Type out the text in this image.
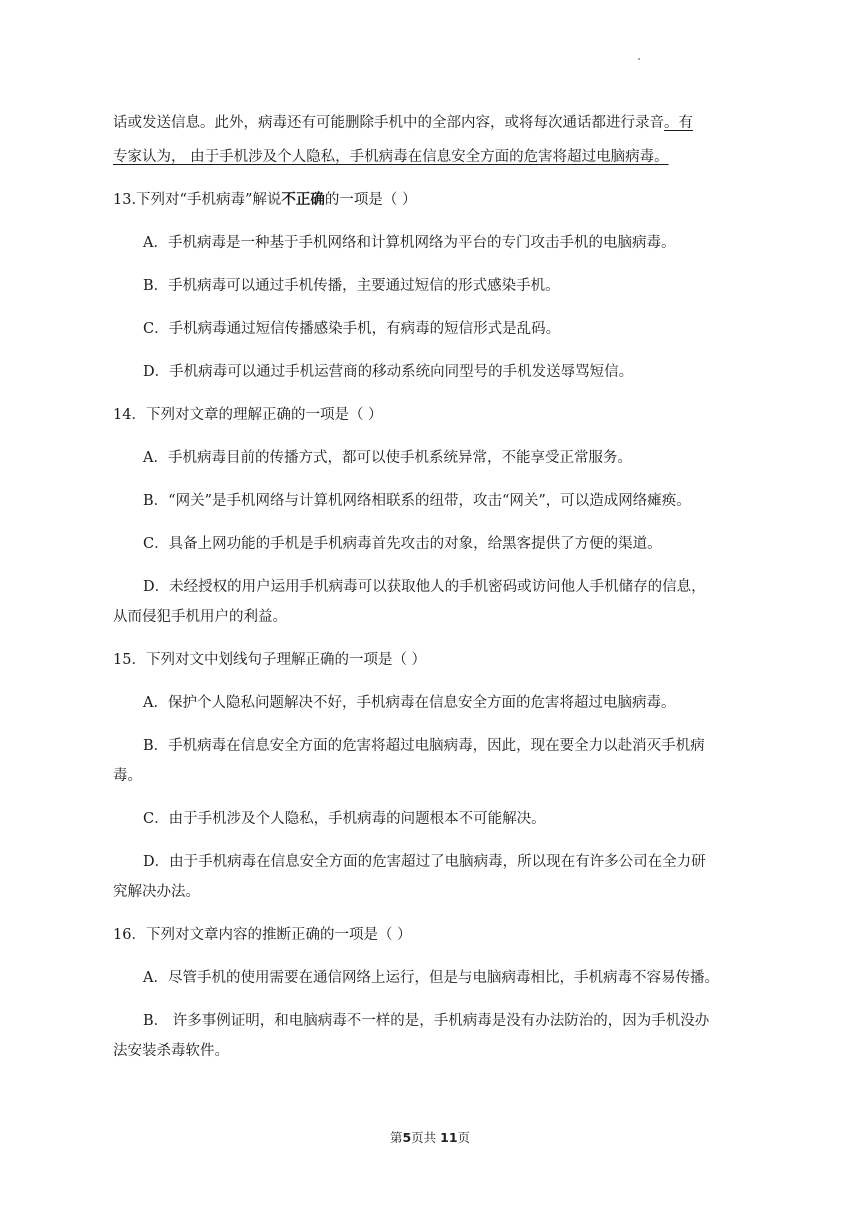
话或发送信息。此外，病毒还有可能删除手机中的全部内容，或将每次通话都进行录音。有

专家认为， 由于手机涉及个人隐私，手机病毒在信息安全方面的危害将超过电脑病毒。

13.下列对“手机病毒”解说不正确的一项是（ ）

A．手机病毒是一种基于手机网络和计算机网络为平台的专门攻击手机的电脑病毒。

B．手机病毒可以通过手机传播，主要通过短信的形式感染手机。

C．手机病毒通过短信传播感染手机，有病毒的短信形式是乱码。

D．手机病毒可以通过手机运营商的移动系统向同型号的手机发送辱骂短信。

14．下列对文章的理解正确的一项是（ ）

A．手机病毒目前的传播方式，都可以使手机系统异常，不能享受正常服务。

B．“网关”是手机网络与计算机网络相联系的纽带，攻击“网关”，可以造成网络瘫痪。

C．具备上网功能的手机是手机病毒首先攻击的对象，给黑客提供了方便的渠道。

D．未经授权的用户运用手机病毒可以获取他人的手机密码或访问他人手机储存的信息，

从而侵犯手机用户的利益。

15．下列对文中划线句子理解正确的一项是（ ）

A．保护个人隐私问题解决不好，手机病毒在信息安全方面的危害将超过电脑病毒。

B．手机病毒在信息安全方面的危害将超过电脑病毒，因此，现在要全力以赴消灭手机病

毒。

C．由于手机涉及个人隐私，手机病毒的问题根本不可能解决。

D．由于手机病毒在信息安全方面的危害超过了电脑病毒，所以现在有许多公司在全力研

究解决办法。

16．下列对文章内容的推断正确的一项是（ ）

A．尽管手机的使用需要在通信网络上运行，但是与电脑病毒相比，手机病毒不容易传播。

B． 许多事例证明，和电脑病毒不一样的是，手机病毒是没有办法防治的，因为手机没办

法安装杀毒软件。

第5页共 11页
